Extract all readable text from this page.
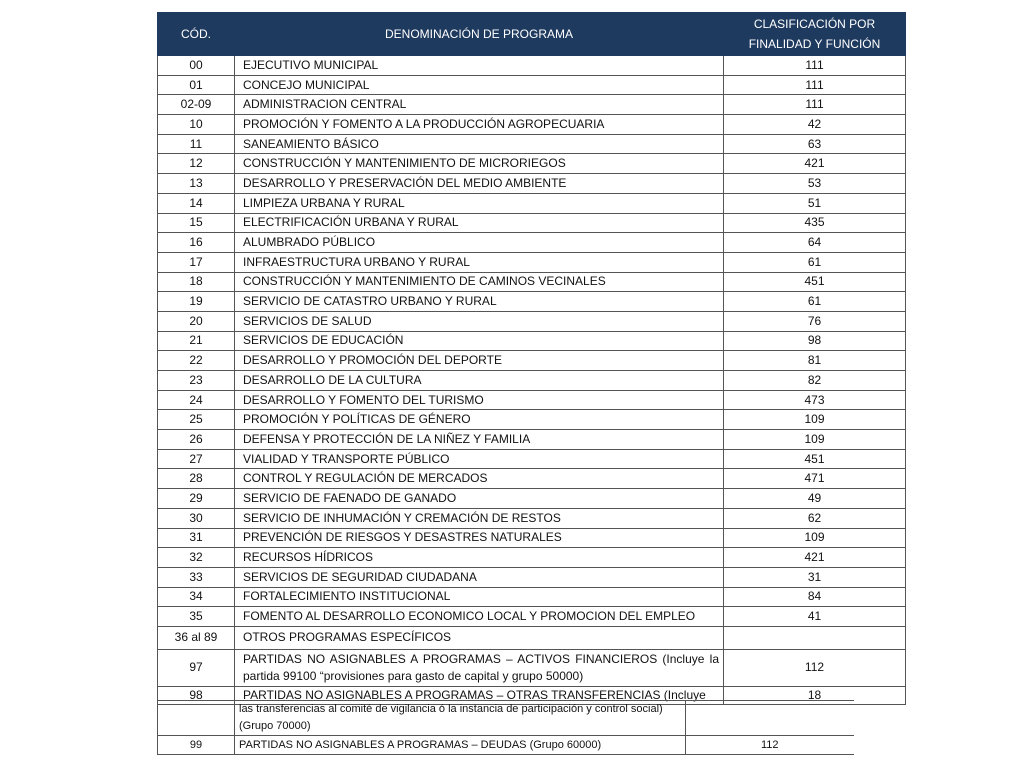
CÓD.	DENOMINACIÓN DE PROGRAMA	CLASIFICACIÓN POR
FINALIDAD Y FUNCIÓN
00	EJECUTIVO MUNICIPAL	111
01	CONCEJO MUNICIPAL	111
02-09	ADMINISTRACION CENTRAL	111
10	PROMOCIÓN Y FOMENTO A LA PRODUCCIÓN AGROPECUARIA	42
11	SANEAMIENTO BÁSICO	63
12	CONSTRUCCIÓN Y MANTENIMIENTO DE MICRORIEGOS	421
13	DESARROLLO Y PRESERVACIÓN DEL MEDIO AMBIENTE	53
14	LIMPIEZA URBANA Y RURAL	51
15	ELECTRIFICACIÓN URBANA Y RURAL	435
16	ALUMBRADO PÚBLICO	64
17	INFRAESTRUCTURA URBANO Y RURAL	61
18	CONSTRUCCIÓN Y MANTENIMIENTO DE CAMINOS VECINALES	451
19	SERVICIO DE CATASTRO URBANO Y RURAL	61
20	SERVICIOS DE SALUD	76
21	SERVICIOS DE EDUCACIÓN	98
22	DESARROLLO Y PROMOCIÓN DEL DEPORTE	81
23	DESARROLLO DE LA CULTURA	82
24	DESARROLLO Y FOMENTO DEL TURISMO	473
25	PROMOCIÓN Y POLÍTICAS DE GÉNERO	109
26	DEFENSA Y PROTECCIÓN DE LA NIÑEZ Y FAMILIA	109
27	VIALIDAD Y TRANSPORTE PÚBLICO	451
28	CONTROL Y REGULACIÓN DE MERCADOS	471
29	SERVICIO DE FAENADO DE GANADO	49
30	SERVICIO DE INHUMACIÓN Y CREMACIÓN DE RESTOS	62
31	PREVENCIÓN DE RIESGOS Y DESASTRES NATURALES	109
32	RECURSOS HÍDRICOS	421
33	SERVICIOS DE SEGURIDAD CIUDADANA	31
34	FORTALECIMIENTO INSTITUCIONAL	84
35	FOMENTO AL DESARROLLO ECONOMICO LOCAL Y PROMOCION DEL EMPLEO	41
36 al 89	OTROS PROGRAMAS ESPECÍFICOS	
97	PARTIDAS NO ASIGNABLES A PROGRAMAS – ACTIVOS FINANCIEROS (Incluye la partida 99100 “provisiones para gasto de capital y grupo 50000)	112
98	PARTIDAS NO ASIGNABLES A PROGRAMAS – OTRAS TRANSFERENCIAS (Incluye	18
	las transferencias al comité de vigilancia ó la instancia de participación y control social) (Grupo 70000)	
99	PARTIDAS NO ASIGNABLES A PROGRAMAS – DEUDAS (Grupo 60000)	112
